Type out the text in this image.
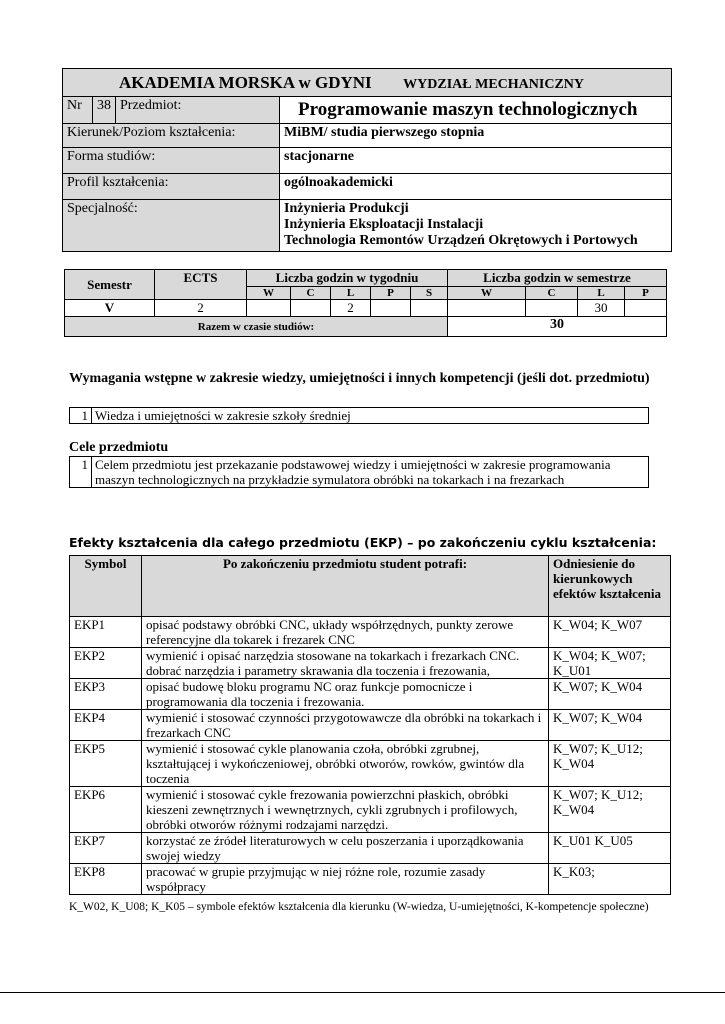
AKADEMIA MORSKA w GDYNI WYDZIAŁ MECHANICZNY			
Nr	38	Przedmiot:	Programowanie maszyn technologicznych
Kierunek/Poziom kształcenia:			MiBM/ studia pierwszego stopnia
Forma studiów:			stacjonarne
Profil kształcenia:			ogólnoakademicki
Specjalność:			Inżynieria Produkcji
Inżynieria Eksploatacji Instalacji
Technologia Remontów Urządzeń Okrętowych i Portowych
Semestr	ECTS	Liczba godzin w tygodniu					Liczba godzin w semestrze			
		W	C	L	P	S	W	C	L	P
V	2			2					30	
Razem w czasie studiów:							30			
Wymagania wstępne w zakresie wiedzy, umiejętności i innych kompetencji (jeśli dot. przedmiotu)
1	Wiedza i umiejętności w zakresie szkoły średniej
Cele przedmiotu
1	Celem przedmiotu jest przekazanie podstawowej wiedzy i umiejętności w zakresie programowania maszyn technologicznych na przykładzie symulatora obróbki na tokarkach i na frezarkach
Efekty kształcenia dla całego przedmiotu (EKP) – po zakończeniu cyklu kształcenia:
Symbol	Po zakończeniu przedmiotu student potrafi:	Odniesienie do kierunkowych efektów kształcenia
EKP1	opisać podstawy obróbki CNC, układy współrzędnych, punkty zerowe referencyjne dla tokarek i frezarek CNC	K_W04; K_W07
EKP2	wymienić i opisać narzędzia stosowane na tokarkach i frezarkach CNC. dobrać narzędzia i parametry skrawania dla toczenia i frezowania,	K_W04; K_W07; K_U01
EKP3	opisać budowę bloku programu NC oraz funkcje pomocnicze i programowania dla toczenia i frezowania.	K_W07; K_W04
EKP4	wymienić i stosować czynności przygotowawcze dla obróbki na tokarkach i frezarkach CNC	K_W07; K_W04
EKP5	wymienić i stosować cykle planowania czoła, obróbki zgrubnej, kształtującej i wykończeniowej, obróbki otworów, rowków, gwintów dla toczenia	K_W07; K_U12; K_W04
EKP6	wymienić i stosować cykle frezowania powierzchni płaskich, obróbki kieszeni zewnętrznych i wewnętrznych, cykli zgrubnych i profilowych, obróbki otworów różnymi rodzajami narzędzi.	K_W07; K_U12; K_W04
EKP7	korzystać ze źródeł literaturowych w celu poszerzania i uporządkowania swojej wiedzy	K_U01 K_U05
EKP8	pracować w grupie przyjmując w niej różne role, rozumie zasady współpracy	K_K03;
K_W02, K_U08; K_K05 – symbole efektów kształcenia dla kierunku (W-wiedza, U-umiejętności, K-kompetencje społeczne)
